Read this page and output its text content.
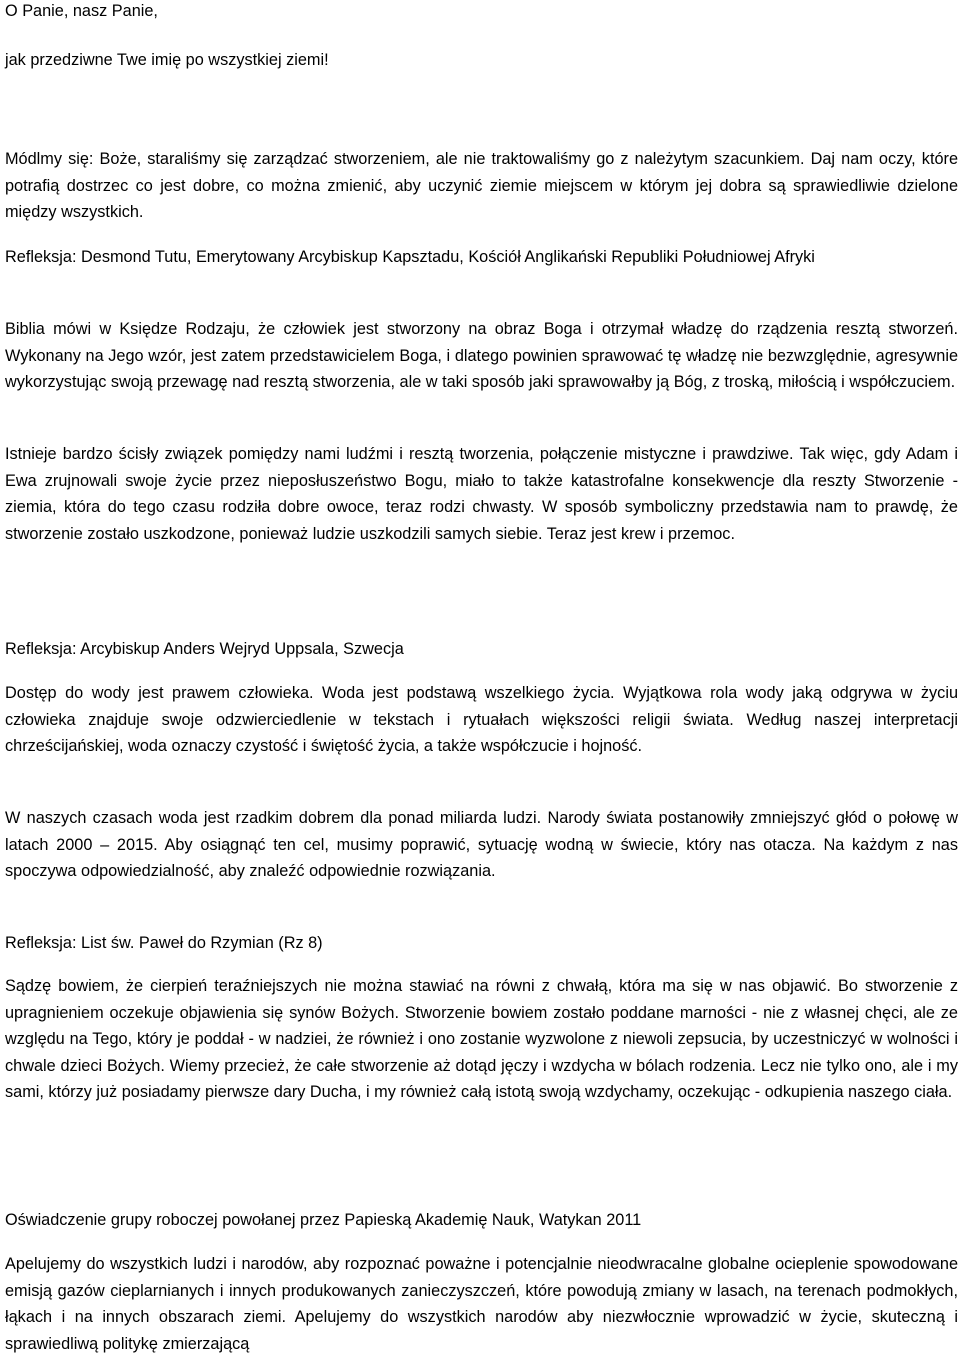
O Panie, nasz Panie,

jak przedziwne Twe imię po wszystkiej ziemi!

Módlmy się: Boże, staraliśmy się zarządzać stworzeniem, ale nie traktowaliśmy go z należytym szacunkiem. Daj nam oczy, które potrafią dostrzec co jest dobre, co można zmienić, aby uczynić ziemie miejscem w którym jej dobra są sprawiedliwie dzielone między wszystkich.

Refleksja: Desmond Tutu, Emerytowany Arcybiskup Kapsztadu, Kościół Anglikański Republiki Południowej Afryki

Biblia mówi w Księdze Rodzaju, że człowiek jest stworzony na obraz Boga i otrzymał władzę do rządzenia resztą stworzeń. Wykonany na Jego wzór, jest zatem przedstawicielem Boga, i dlatego powinien sprawować tę władzę nie bezwzględnie, agresywnie wykorzystując swoją przewagę nad resztą stworzenia, ale w taki sposób jaki sprawowałby ją Bóg, z troską, miłością i współczuciem.

Istnieje bardzo ścisły związek pomiędzy nami ludźmi i resztą tworzenia, połączenie mistyczne i prawdziwe. Tak więc, gdy Adam i Ewa zrujnowali swoje życie przez nieposłuszeństwo Bogu, miało to także katastrofalne konsekwencje dla reszty Stworzenie - ziemia, która do tego czasu rodziła dobre owoce, teraz rodzi chwasty. W sposób symboliczny przedstawia nam to prawdę, że stworzenie zostało uszkodzone, ponieważ ludzie uszkodzili samych siebie. Teraz jest krew i przemoc.

Refleksja: Arcybiskup Anders Wejryd Uppsala, Szwecja

Dostęp do wody jest prawem człowieka. Woda jest podstawą wszelkiego życia. Wyjątkowa rola wody jaką odgrywa w życiu człowieka znajduje swoje odzwierciedlenie w tekstach i rytuałach większości religii świata. Według naszej interpretacji chrześcijańskiej, woda oznaczy czystość i świętość życia, a także współczucie i hojność.

W naszych czasach woda jest rzadkim dobrem dla ponad miliarda ludzi. Narody świata postanowiły zmniejszyć głód o połowę w latach 2000 – 2015. Aby osiągnąć ten cel, musimy poprawić, sytuację wodną w świecie, który nas otacza. Na każdym z nas spoczywa odpowiedzialność, aby znaleźć odpowiednie rozwiązania.

Refleksja: List św. Paweł do Rzymian (Rz 8)

Sądzę bowiem, że cierpień teraźniejszych nie można stawiać na równi z chwałą, która ma się w nas objawić. Bo stworzenie z upragnieniem oczekuje objawienia się synów Bożych. Stworzenie bowiem zostało poddane marności - nie z własnej chęci, ale ze względu na Tego, który je poddał - w nadziei, że również i ono zostanie wyzwolone z niewoli zepsucia, by uczestniczyć w wolności i chwale dzieci Bożych. Wiemy przecież, że całe stworzenie aż dotąd jęczy i wzdycha w bólach rodzenia. Lecz nie tylko ono, ale i my sami, którzy już posiadamy pierwsze dary Ducha, i my również całą istotą swoją wzdychamy, oczekując - odkupienia naszego ciała.

Oświadczenie grupy roboczej powołanej przez Papieską Akademię Nauk, Watykan 2011

Apelujemy do wszystkich ludzi i narodów, aby rozpoznać poważne i potencjalnie nieodwracalne globalne ocieplenie spowodowane emisją gazów cieplarnianych i innych produkowanych zanieczyszczeń, które powodują zmiany w lasach, na terenach podmokłych, łąkach i na innych obszarach ziemi. Apelujemy do wszystkich narodów aby niezwłocznie wprowadzić w życie, skuteczną i sprawiedliwą politykę zmierzającą
